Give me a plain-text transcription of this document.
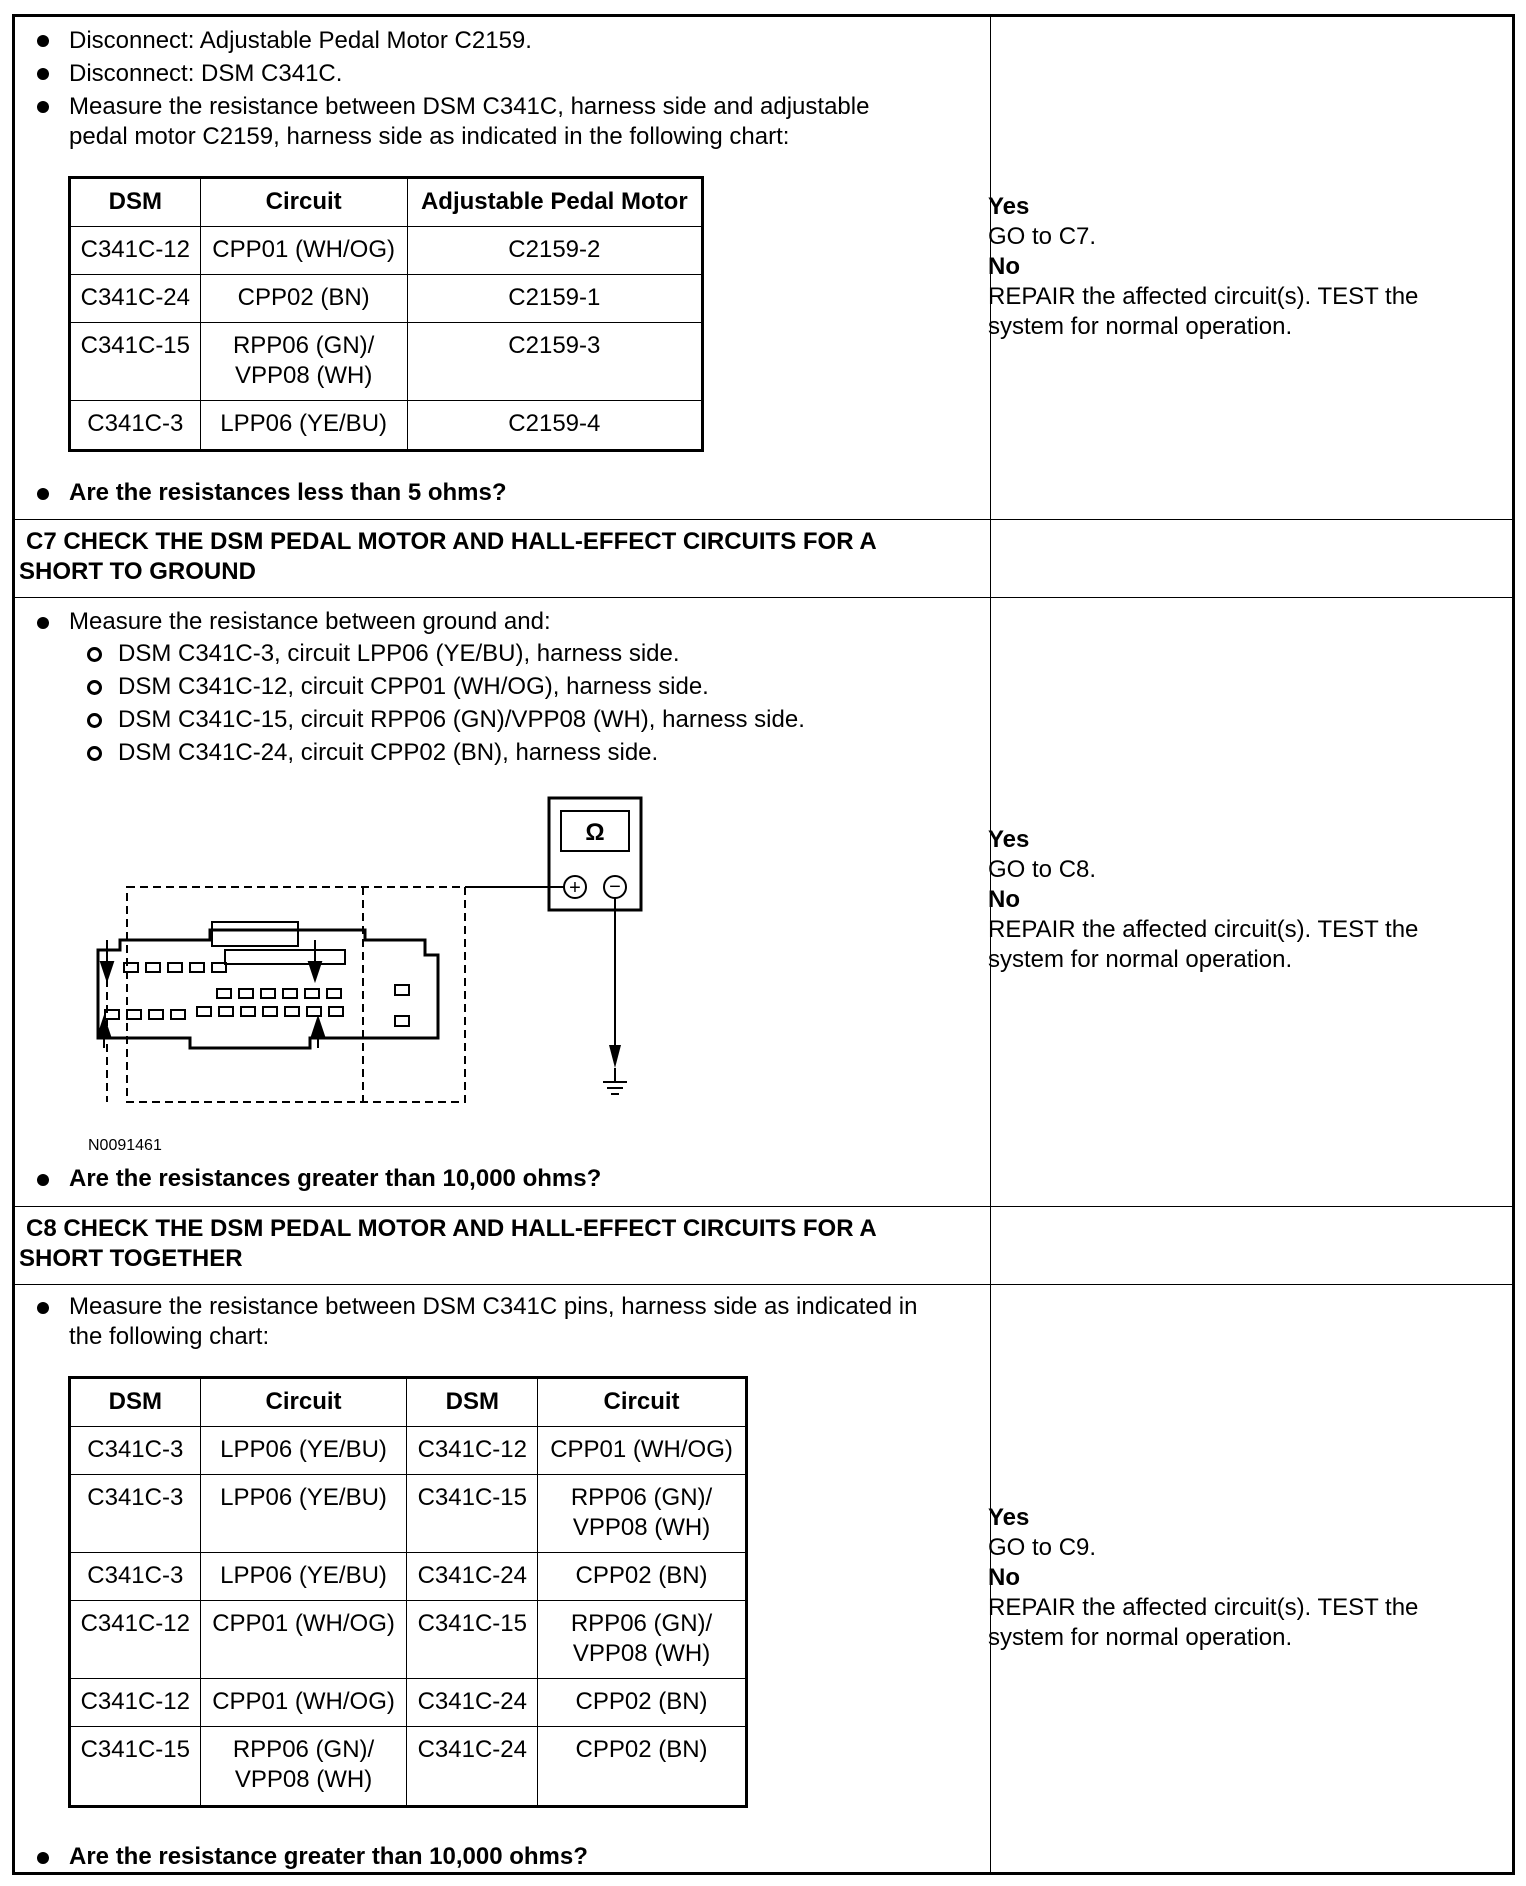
Disconnect: Adjustable Pedal Motor C2159.
Disconnect: DSM C341C.
Measure the resistance between DSM C341C, harness side and adjustable
pedal motor C2159, harness side as indicated in the following chart:
DSM	Circuit	Adjustable Pedal Motor
C341C-12	CPP01 (WH/OG)	C2159-2
C341C-24	CPP02 (BN)	C2159-1
C341C-15	RPP06 (GN)/
VPP08 (WH)	C2159-3
C341C-3	LPP06 (YE/BU)	C2159-4
Are the resistances less than 5 ohms?
Yes
GO to C7.
No
REPAIR the affected circuit(s). TEST the
system for normal operation.
C7 CHECK THE DSM PEDAL MOTOR AND HALL-EFFECT CIRCUITS FOR A
SHORT TO GROUND
Measure the resistance between ground and:
DSM C341C-3, circuit LPP06 (YE/BU), harness side.
DSM C341C-12, circuit CPP01 (WH/OG), harness side.
DSM C341C-15, circuit RPP06 (GN)/VPP08 (WH), harness side.
DSM C341C-24, circuit CPP02 (BN), harness side.
Ω
+ −
N0091461
Are the resistances greater than 10,000 ohms?
Yes
GO to C8.
No
REPAIR the affected circuit(s). TEST the
system for normal operation.
C8 CHECK THE DSM PEDAL MOTOR AND HALL-EFFECT CIRCUITS FOR A
SHORT TOGETHER
Measure the resistance between DSM C341C pins, harness side as indicated in
the following chart:
DSM	Circuit	DSM	Circuit
C341C-3	LPP06 (YE/BU)	C341C-12	CPP01 (WH/OG)

C341C-3	LPP06 (YE/BU)	C341C-15	RPP06 (GN)/
VPP08 (WH)

C341C-3	LPP06 (YE/BU)	C341C-24	CPP02 (BN)

C341C-12	CPP01 (WH/OG)	C341C-15	RPP06 (GN)/
VPP08 (WH)

C341C-12	CPP01 (WH/OG)	C341C-24	CPP02 (BN)

C341C-15	RPP06 (GN)/
VPP08 (WH)	C341C-24	CPP02 (BN)
Are the resistance greater than 10,000 ohms?
Yes
GO to C9.
No
REPAIR the affected circuit(s). TEST the
system for normal operation.
